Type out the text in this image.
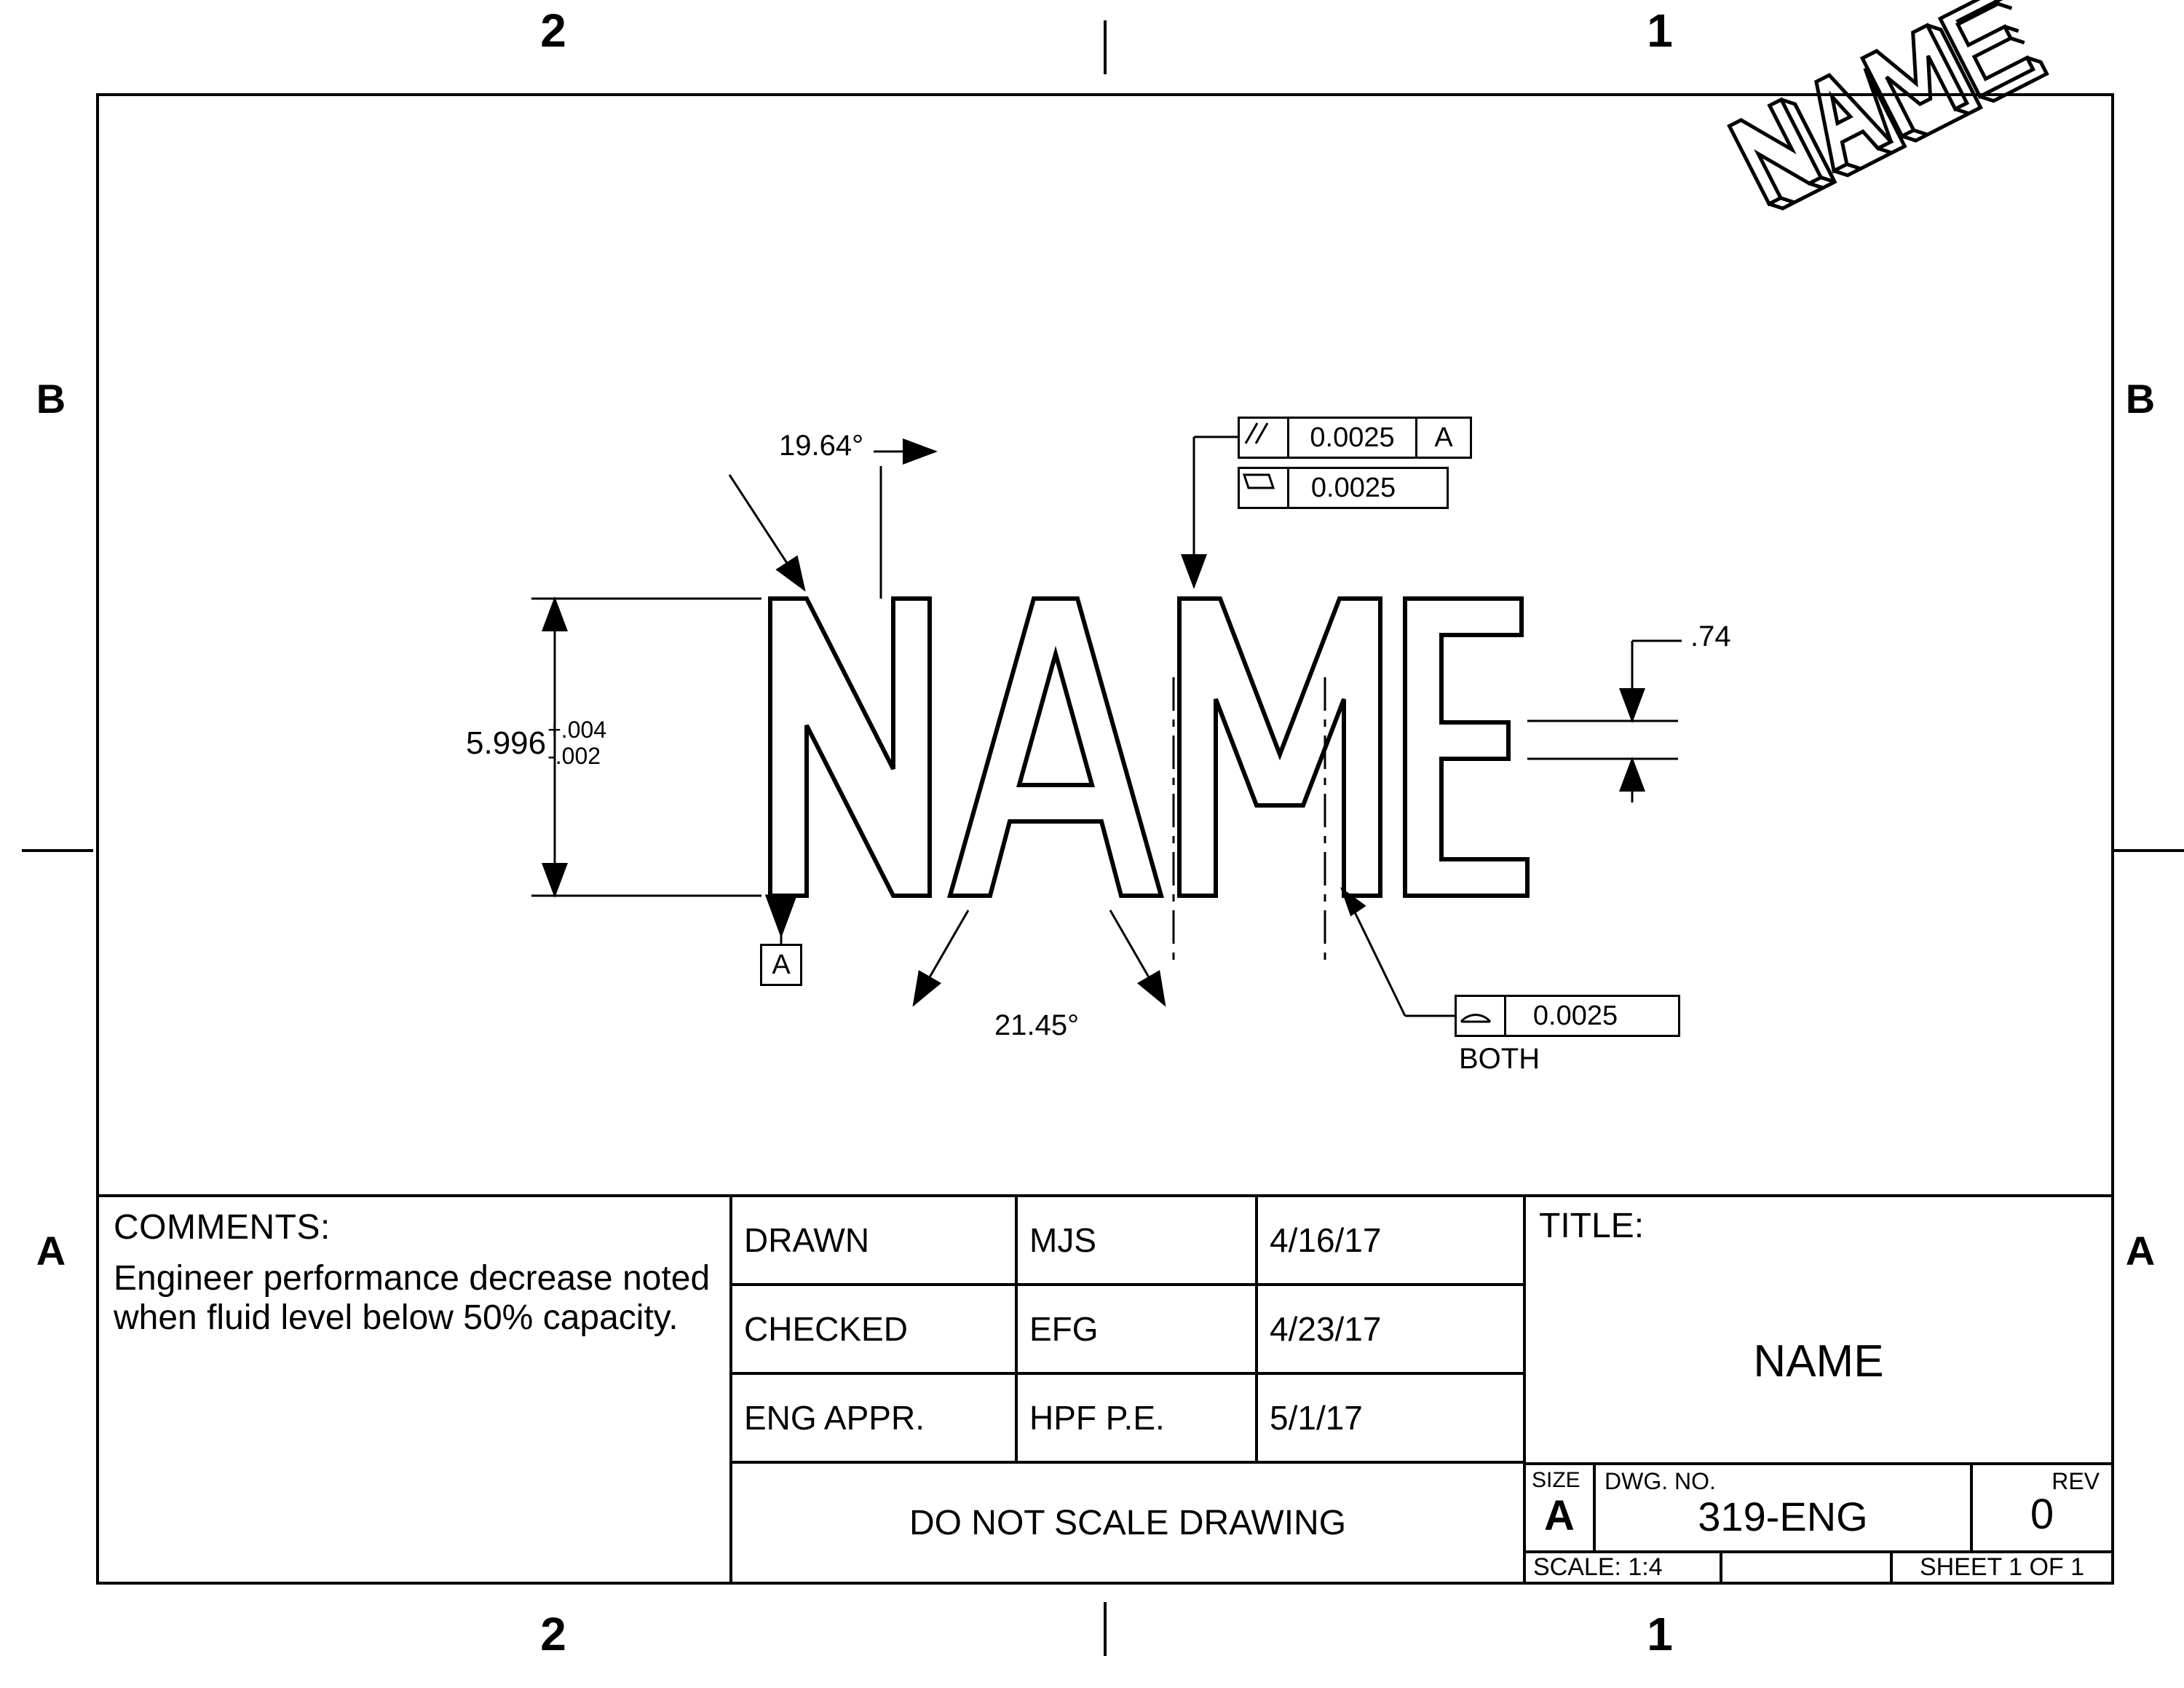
2	1
2	1
B
A
B
A
19.64°
21.45°
.74
5.996 +.004
-.002
A
0.0025	A
0.0025
0.0025
BOTH
COMMENTS:
Engineer performance decrease noted when fluid level below 50% capacity.
DRAWN	MJS	4/16/17
CHECKED	EFG	4/23/17
ENG APPR.	HPF P.E.	5/1/17
DO NOT SCALE DRAWING
TITLE:
NAME
SIZE
A
DWG. NO.
319-ENG
REV
0
SCALE: 1:4	SHEET 1 OF 1
